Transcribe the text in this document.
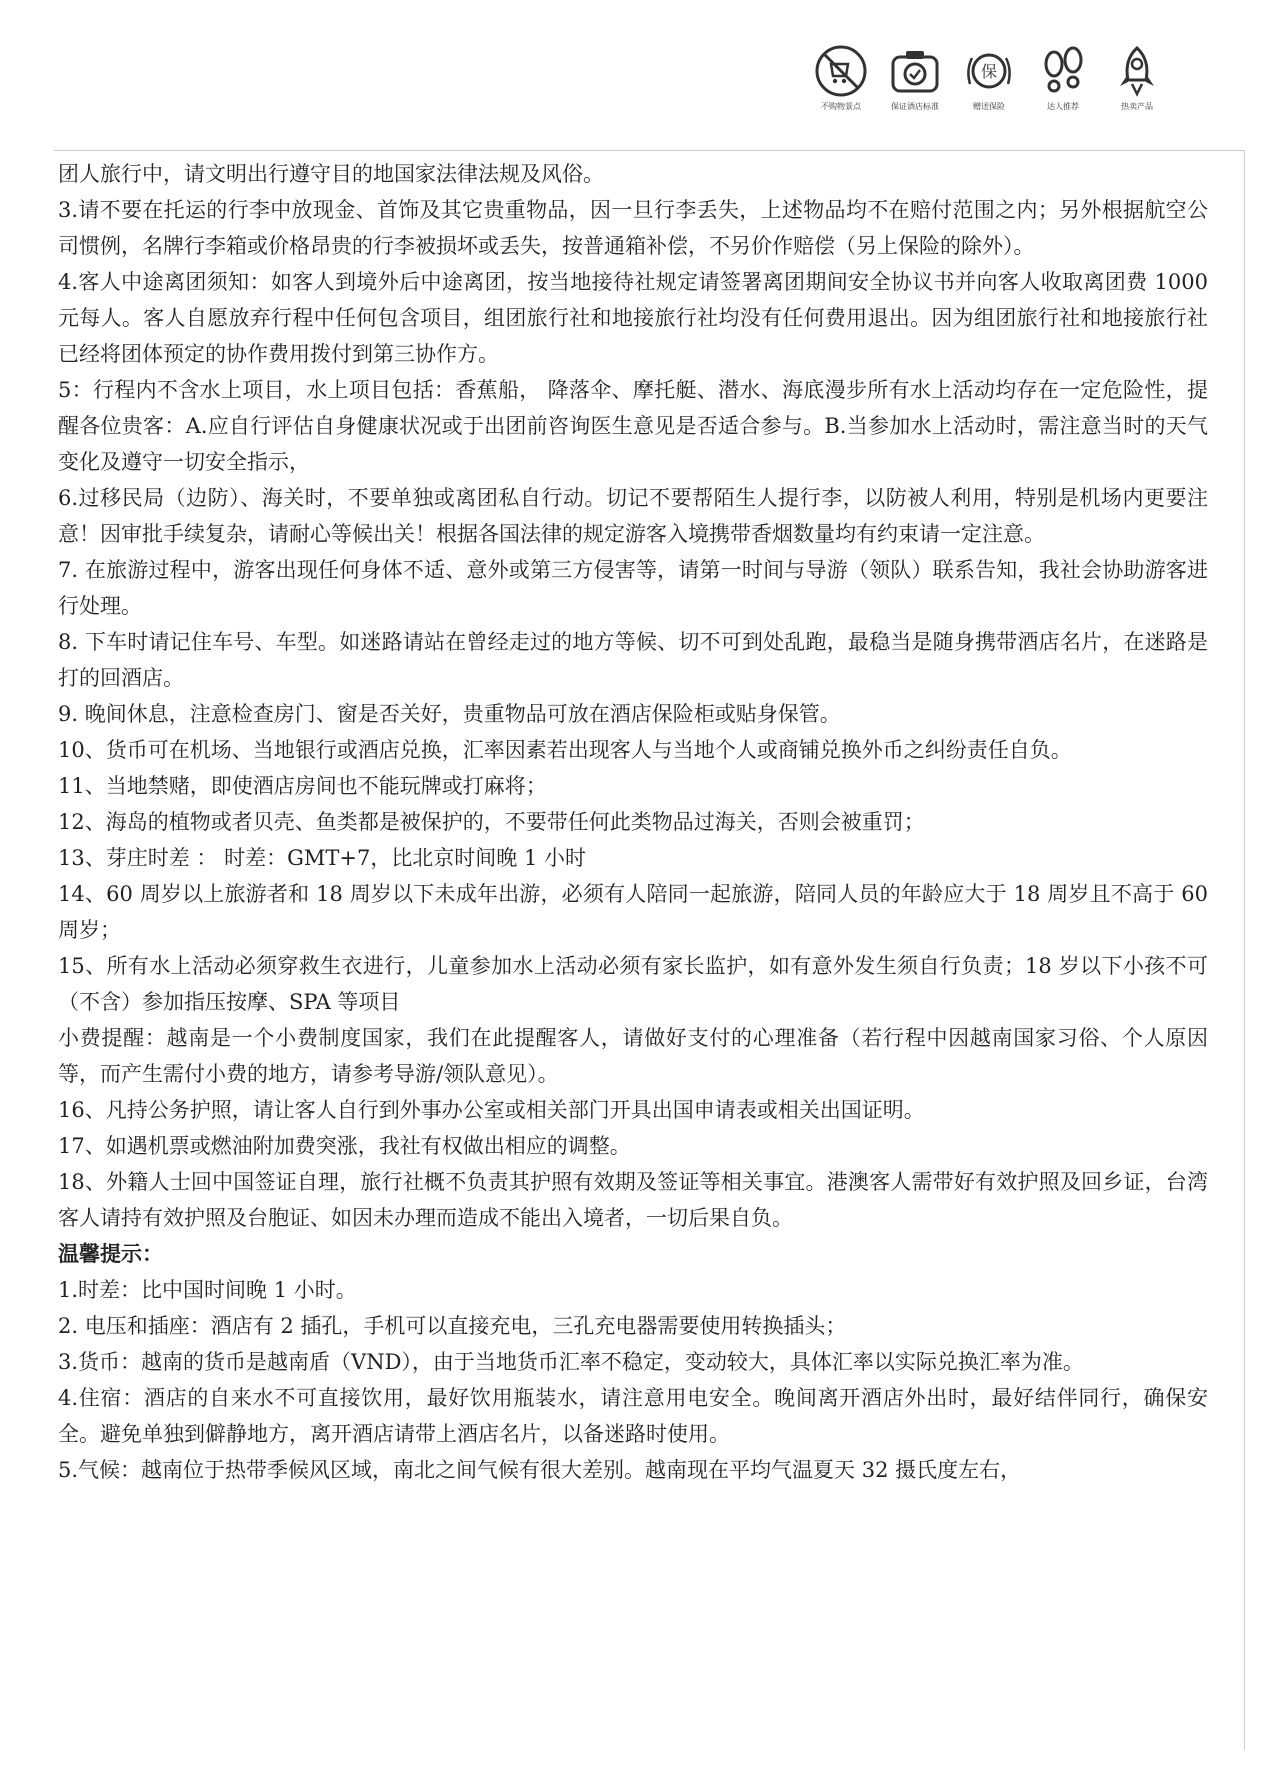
不购物景点	保证酒店标准
保
赠送保险	达人推荐	热卖产品

团人旅行中，请文明出行遵守目的地国家法律法规及风俗。

3.请不要在托运的行李中放现金、首饰及其它贵重物品，因一旦行李丢失，上述物品均不在赔付范围之内；另外根据航空公司惯例，名牌行李箱或价格昂贵的行李被损坏或丢失，按普通箱补偿，不另价作赔偿（另上保险的除外）。

4.客人中途离团须知：如客人到境外后中途离团，按当地接待社规定请签署离团期间安全协议书并向客人收取离团费 1000 元每人。客人自愿放弃行程中任何包含项目，组团旅行社和地接旅行社均没有任何费用退出。因为组团旅行社和地接旅行社已经将团体预定的协作费用拨付到第三协作方。

5：行程内不含水上项目，水上项目包括：香蕉船， 降落伞、摩托艇、潜水、海底漫步所有水上活动均存在一定危险性，提醒各位贵客：A.应自行评估自身健康状况或于出团前咨询医生意见是否适合参与。B.当参加水上活动时，需注意当时的天气变化及遵守一切安全指示，

6.过移民局（边防）、海关时，不要单独或离团私自行动。切记不要帮陌生人提行李，以防被人利用，特别是机场内更要注意！因审批手续复杂，请耐心等候出关！根据各国法律的规定游客入境携带香烟数量均有约束请一定注意。

7. 在旅游过程中，游客出现任何身体不适、意外或第三方侵害等，请第一时间与导游（领队）联系告知，我社会协助游客进行处理。

8. 下车时请记住车号、车型。如迷路请站在曾经走过的地方等候、切不可到处乱跑，最稳当是随身携带酒店名片，在迷路是打的回酒店。

9. 晚间休息，注意检查房门、窗是否关好，贵重物品可放在酒店保险柜或贴身保管。

10、货币可在机场、当地银行或酒店兑换，汇率因素若出现客人与当地个人或商铺兑换外币之纠纷责任自负。

11、当地禁赌，即使酒店房间也不能玩牌或打麻将；

12、海岛的植物或者贝壳、鱼类都是被保护的，不要带任何此类物品过海关，否则会被重罚；

13、芽庄时差 ： 时差：GMT+7，比北京时间晚 1 小时

14、60 周岁以上旅游者和 18 周岁以下未成年出游，必须有人陪同一起旅游，陪同人员的年龄应大于 18 周岁且不高于 60 周岁；

15、所有水上活动必须穿救生衣进行，儿童参加水上活动必须有家长监护，如有意外发生须自行负责；18 岁以下小孩不可（不含）参加指压按摩、SPA 等项目

小费提醒：越南是一个小费制度国家，我们在此提醒客人，请做好支付的心理准备（若行程中因越南国家习俗、个人原因等，而产生需付小费的地方，请参考导游/领队意见）。

16、凡持公务护照，请让客人自行到外事办公室或相关部门开具出国申请表或相关出国证明。

17、如遇机票或燃油附加费突涨，我社有权做出相应的调整。

18、外籍人士回中国签证自理，旅行社概不负责其护照有效期及签证等相关事宜。港澳客人需带好有效护照及回乡证，台湾客人请持有效护照及台胞证、如因未办理而造成不能出入境者，一切后果自负。

温馨提示：

1.时差：比中国时间晚 1 小时。

2. 电压和插座：酒店有 2 插孔，手机可以直接充电，三孔充电器需要使用转换插头；

3.货币：越南的货币是越南盾（VND），由于当地货币汇率不稳定，变动较大，具体汇率以实际兑换汇率为准。

4.住宿：酒店的自来水不可直接饮用，最好饮用瓶装水，请注意用电安全。晚间离开酒店外出时，最好结伴同行，确保安全。避免单独到僻静地方，离开酒店请带上酒店名片，以备迷路时使用。

5.气候：越南位于热带季候风区域，南北之间气候有很大差别。越南现在平均气温夏天 32 摄氏度左右，
